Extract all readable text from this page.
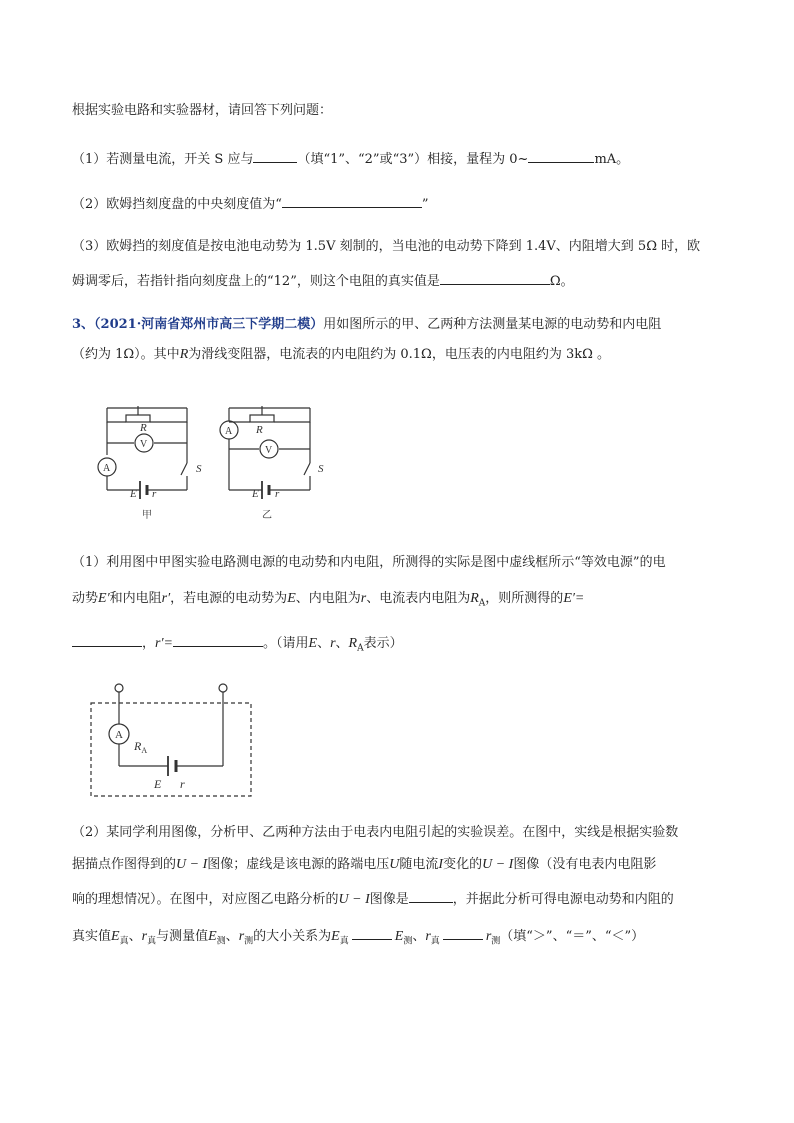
根据实验电路和实验器材，请回答下列问题：
（1）若测量电流，开关 S 应与	（填“1”、“2”或“3”）相接，量程为 0~	mA。
（2）欧姆挡刻度盘的中央刻度值为“	”
（3）欧姆挡的刻度值是按电池电动势为 1.5V 刻制的，当电池的电动势下降到 1.4V、内阻增大到 5Ω 时，欧
姆调零后，若指针指向刻度盘上的“12”，则这个电阻的真实值是	Ω。
3、（2021·河南省郑州市高三下学期二模）用如图所示的甲、乙两种方法测量某电源的电动势和内电阻
（约为 1Ω）。其中R为滑线变阻器，电流表的内电阻约为 0.1Ω，电压表的内电阻约为 3kΩ 。
R
V
A	S
E r
甲
A R
V
S
E r
乙
（1）利用图中甲图实验电路测电源的电动势和内电阻，所测得的实际是图中虚线框所示“等效电源”的电
动势E′和内电阻r′，若电源的电动势为E、内电阻为r、电流表内电阻为$R_A$，则所测得的E′=
，r′=	。（请用E、r、$R_A$表示）
A
$R_A$
E r
（2）某同学利用图像，分析甲、乙两种方法由于电表内电阻引起的实验误差。在图中，实线是根据实验数
据描点作图得到的U − I图像；虚线是该电源的路端电压U随电流I变化的U − I图像（没有电表内电阻影
响的理想情况）。在图中，对应图乙电路分析的U − I图像是	，并据此分析可得电源电动势和内阻的
真实值$E_真$、$r_真$与测量值$E_测$、$r_测$的大小关系为$E_真$	$E_测$、$r_真$	$r_测$（填“＞”、“＝”、“＜”）
